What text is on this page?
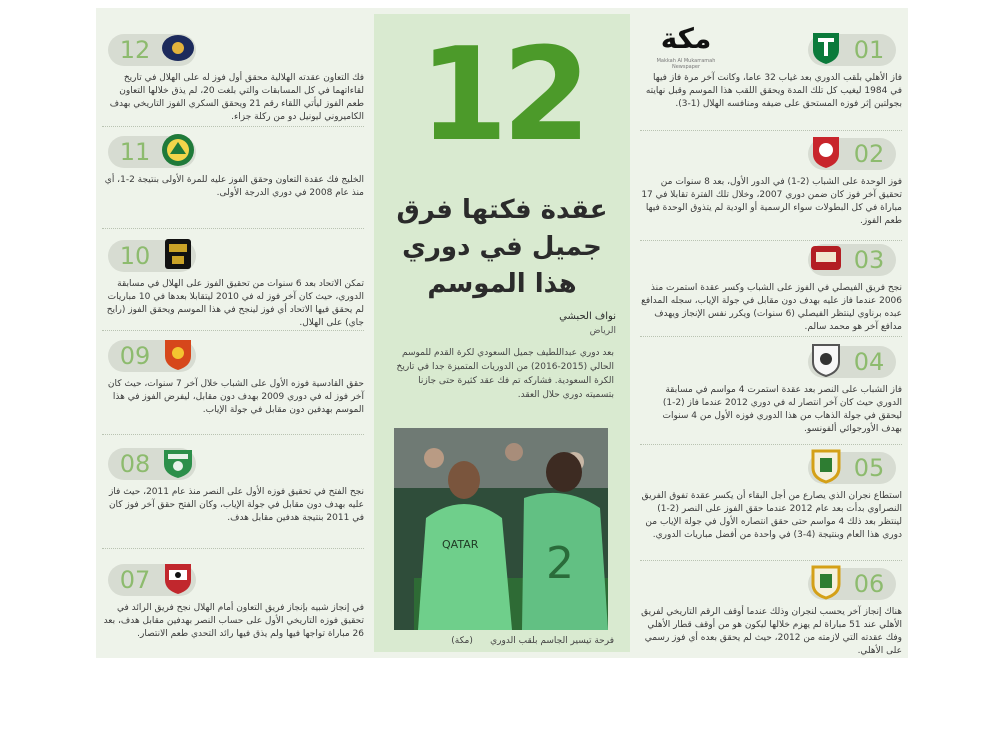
مكة
Makkah Al Mukarramah Newspaper
12
فك التعاون عقدته الهلالية محقق أول فوز له على الهلال في تاريخ لقاءاتهما في كل المسابقات والتي بلغت 20، لم يذق خلالها التعاون طعم الفوز ليأتي اللقاء رقم 21 ويحقق السكري الفوز التاريخي بهدف الكاميروني ليونيل دو من ركلة جزاء.
11
الخليج فك عقدة التعاون وحقق الفوز عليه للمرة الأولى بنتيجة 2-1، أي منذ عام 2008 في دوري الدرجة الأولى.
10
تمكن الاتحاد بعد 6 سنوات من تحقيق الفوز على الهلال في مسابقة الدوري، حيث كان آخر فوز له في 2010 ليتقابلا بعدها في 10 مباريات لم يحقق فيها الاتحاد أي فوز لينجح في هذا الموسم ويحقق الفوز (رايح جاي) على الهلال.
09
حقق القادسية فوزه الأول على الشباب خلال آخر 7 سنوات، حيث كان آخر فوز له في دوري 2009 بهدف دون مقابل، ليفرض الفوز في هذا الموسم بهدفين دون مقابل في جولة الإياب.
08
نجح الفتح في تحقيق فوزه الأول على النصر منذ عام 2011، حيث فاز عليه بهدف دون مقابل في جولة الإياب، وكان الفتح حقق آخر فوز كان في 2011 بنتيجة هدفين مقابل هدف.
07
في إنجاز شبيه بإنجاز فريق التعاون أمام الهلال نجح فريق الرائد في تحقيق فوزه التاريخي الأول على حساب النصر بهدفين مقابل هدف، بعد 26 مباراة تواجها فيها ولم يذق فيها رائد التحدي طعم الانتصار.
12
عقدة فكتها فرق
جميل في دوري
هذا الموسم
نواف الحبشي
الرياض
بعد دوري عبداللطيف جميل السعودي لكرة القدم للموسم الحالي (2015-2016) من الدوريات المتميزة جدا في تاريخ الكرة السعودية. فشاركه تم فك عقد كثيرة حتى جازنا بتسميته دوري حلال العقد.
QATAR 2
فرحة تيسير الجاسم بلقب الدوري      (مكة)
01
فاز الأهلي بلقب الدوري بعد غياب 32 عاما، وكانت آخر مرة فاز فيها في 1984 ليغيب كل تلك المدة ويحقق اللقب هذا الموسم وقبل نهايته بجولتين إثر فوزه المستحق على ضيفه ومنافسه الهلال (1-3).
02
فوز الوحدة على الشباب (2-1) في الدور الأول، بعد 8 سنوات من تحقيق آخر فوز كان ضمن دوري 2007، وخلال تلك الفترة تقابلا في 17 مباراة في كل البطولات سواء الرسمية أو الودية لم يتذوق الوحدة فيها طعم الفوز.
03
نجح فريق الفيصلي في الفوز على الشباب وكسر عقدة استمرت منذ 2006 عندما فاز عليه بهدف دون مقابل في جولة الإياب، سجله المدافع عبده برناوي لينتظر الفيصلي (6 سنوات) ويكرر نفس الإنجاز ويهدف مدافع آخر هو محمد سالم.
04
فاز الشباب على النصر بعد عقدة استمرت 4 مواسم في مسابقة الدوري حيث كان آخر انتصار له في دوري 2012 عندما فاز (2-1) ليحقق في جولة الذهاب من هذا الدوري فوزه الأول من 4 سنوات بهدف الأورجوائي ألفونسو.
05
استطاع نجران الذي يصارع من أجل البقاء أن يكسر عقدة تفوق الفريق النصراوي بدأت بعد عام 2012 عندما حقق الفوز على النصر (2-1) لينتظر بعد ذلك 4 مواسم حتى حقق انتصاره الأول في جولة الإياب من دوري هذا العام وبنتيجة (4-3) في واحدة من أفضل مباريات الدوري.
06
هناك إنجاز آخر يحسب لنجران وذلك عندما أوقف الرقم التاريخي لفريق الأهلي عند 51 مباراة لم يهزم خلالها ليكون هو من أوقف قطار الأهلي وفك عقدته التي لازمته من 2012، حيث لم يحقق بعده أي فوز رسمي على الأهلي.
